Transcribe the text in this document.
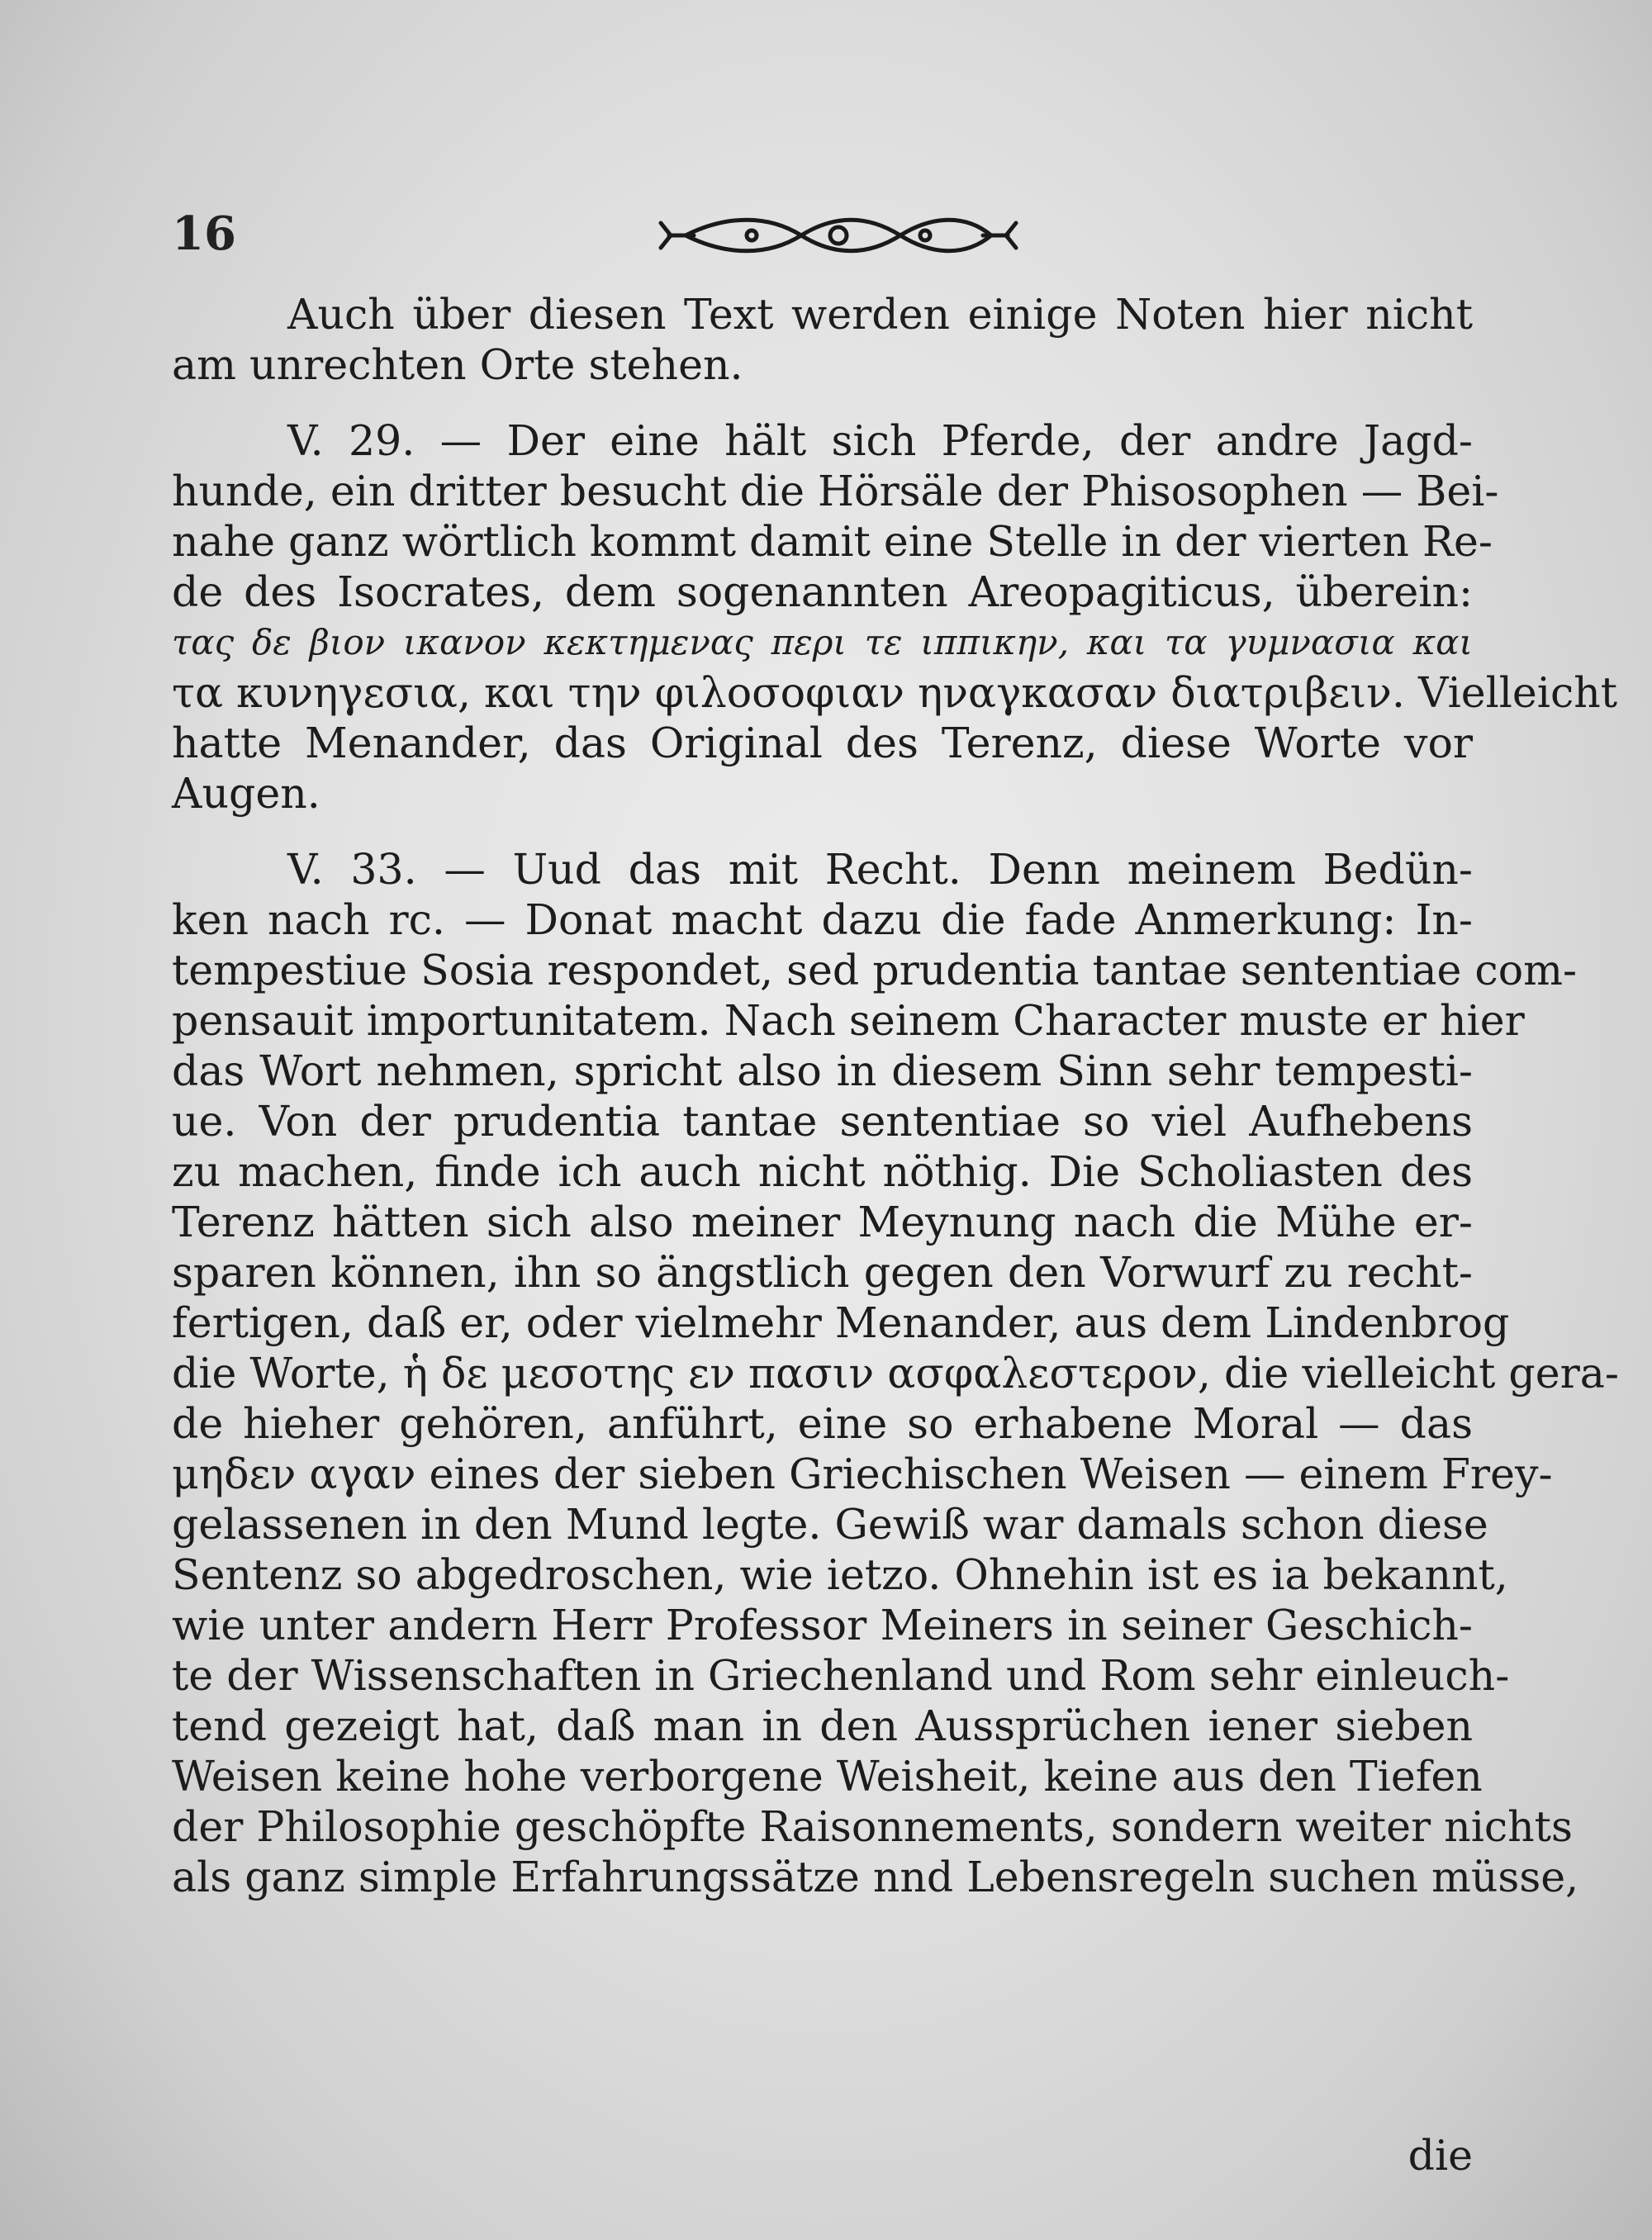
16
Auch über diesen Text werden einige Noten hier nicht
am unrechten Orte stehen.
V. 29. — Der eine hält sich Pferde, der andre Jagd-
hunde, ein dritter besucht die Hörsäle der Phisosophen — Bei-
nahe ganz wörtlich kommt damit eine Stelle in der vierten Re-
de des Isocrates, dem sogenannten Areopagiticus, überein:
τας δε βιον ικανον κεκτημενας περι τε ιππικην, και τα γυμνασια και
τα κυνηγεσια, και την φιλοσοφιαν ηναγκασαν διατριβειν. Vielleicht
hatte Menander, das Original des Terenz, diese Worte vor
Augen.
V. 33. — Uud das mit Recht. Denn meinem Bedün-
ken nach rc. — Donat macht dazu die fade Anmerkung: In-
tempestiue Sosia respondet, sed prudentia tantae sententiae com-
pensauit importunitatem. Nach seinem Character muste er hier
das Wort nehmen, spricht also in diesem Sinn sehr tempesti-
ue. Von der prudentia tantae sententiae so viel Aufhebens
zu machen, finde ich auch nicht nöthig. Die Scholiasten des
Terenz hätten sich also meiner Meynung nach die Mühe er-
sparen können, ihn so ängstlich gegen den Vorwurf zu recht-
fertigen, daß er, oder vielmehr Menander, aus dem Lindenbrog
die Worte, ἡ δε μεσοτης εν πασιν ασφαλεστερον, die vielleicht gera-
de hieher gehören, anführt, eine so erhabene Moral — das
μηδεν αγαν eines der sieben Griechischen Weisen — einem Frey-
gelassenen in den Mund legte. Gewiß war damals schon diese
Sentenz so abgedroschen, wie ietzo. Ohnehin ist es ia bekannt,
wie unter andern Herr Professor Meiners in seiner Geschich-
te der Wissenschaften in Griechenland und Rom sehr einleuch-
tend gezeigt hat, daß man in den Aussprüchen iener sieben
Weisen keine hohe verborgene Weisheit, keine aus den Tiefen
der Philosophie geschöpfte Raisonnements, sondern weiter nichts
als ganz simple Erfahrungssätze nnd Lebensregeln suchen müsse,
die
